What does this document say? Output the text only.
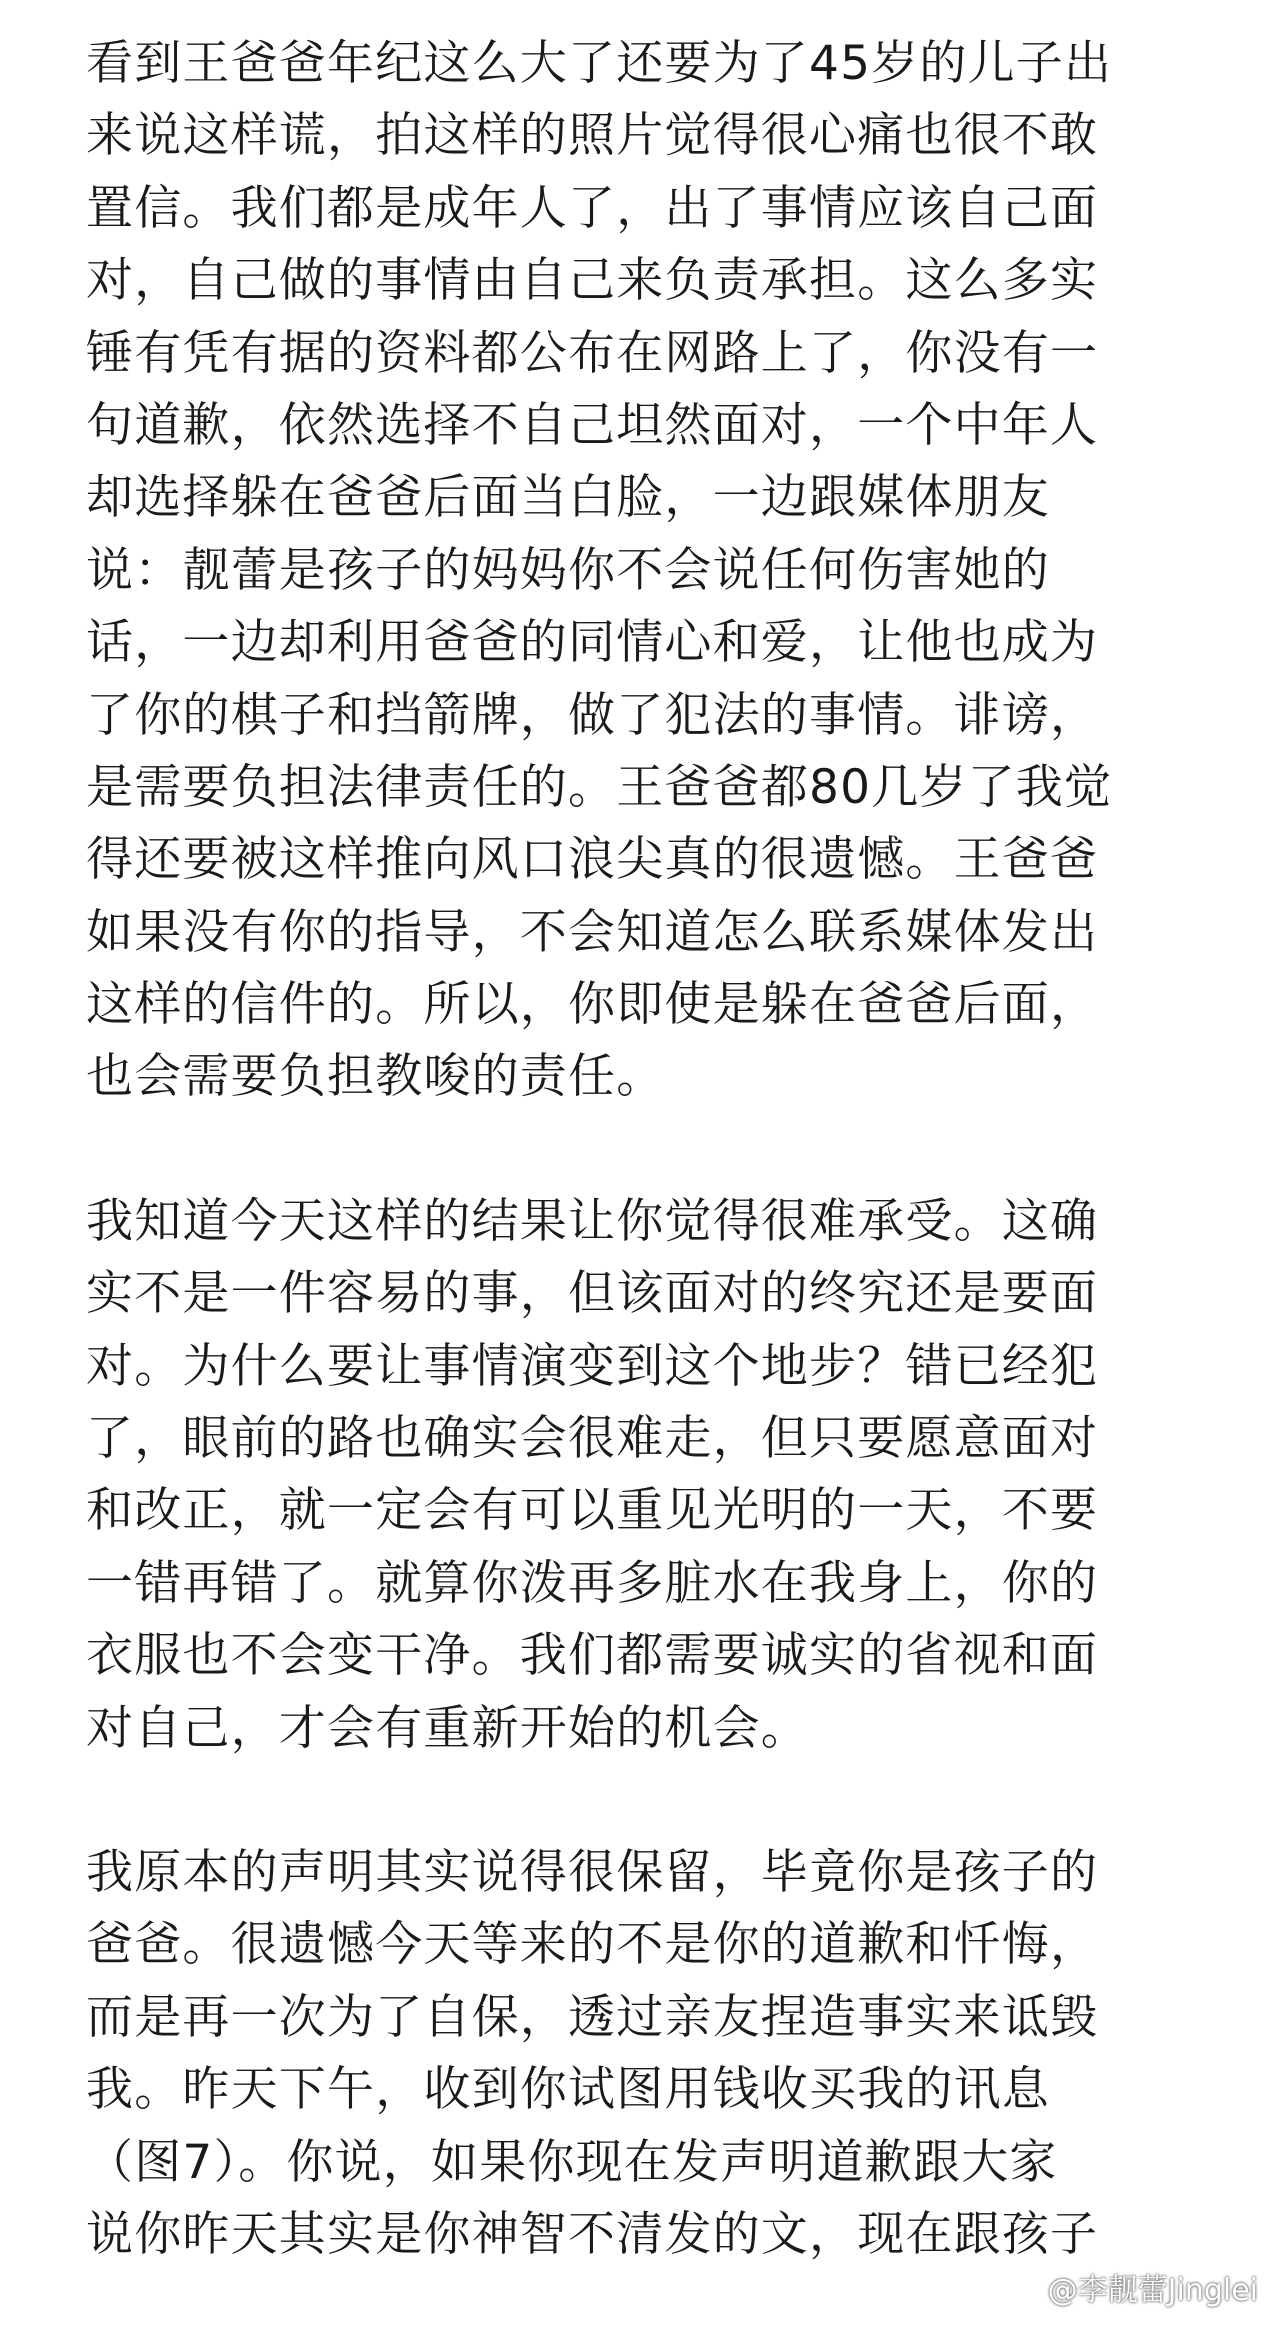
看到王爸爸年纪这么大了还要为了45岁的儿子出
来说这样谎，拍这样的照片觉得很心痛也很不敢
置信。我们都是成年人了，出了事情应该自己面
对，自己做的事情由自己来负责承担。这么多实
锤有凭有据的资料都公布在网路上了，你没有一
句道歉，依然选择不自己坦然面对，一个中年人
却选择躲在爸爸后面当白脸，一边跟媒体朋友
说：靓蕾是孩子的妈妈你不会说任何伤害她的
话，一边却利用爸爸的同情心和爱，让他也成为
了你的棋子和挡箭牌，做了犯法的事情。诽谤，
是需要负担法律责任的。王爸爸都80几岁了我觉
得还要被这样推向风口浪尖真的很遗憾。王爸爸
如果没有你的指导，不会知道怎么联系媒体发出
这样的信件的。所以，你即使是躲在爸爸后面，
也会需要负担教唆的责任。
我知道今天这样的结果让你觉得很难承受。这确
实不是一件容易的事，但该面对的终究还是要面
对。为什么要让事情演变到这个地步？错已经犯
了，眼前的路也确实会很难走，但只要愿意面对
和改正，就一定会有可以重见光明的一天，不要
一错再错了。就算你泼再多脏水在我身上，你的
衣服也不会变干净。我们都需要诚实的省视和面
对自己，才会有重新开始的机会。
我原本的声明其实说得很保留，毕竟你是孩子的
爸爸。很遗憾今天等来的不是你的道歉和忏悔，
而是再一次为了自保，透过亲友捏造事实来诋毁
我。昨天下午，收到你试图用钱收买我的讯息
（图7）。你说，如果你现在发声明道歉跟大家
说你昨天其实是你神智不清发的文，现在跟孩子
@李靓蕾Jinglei
